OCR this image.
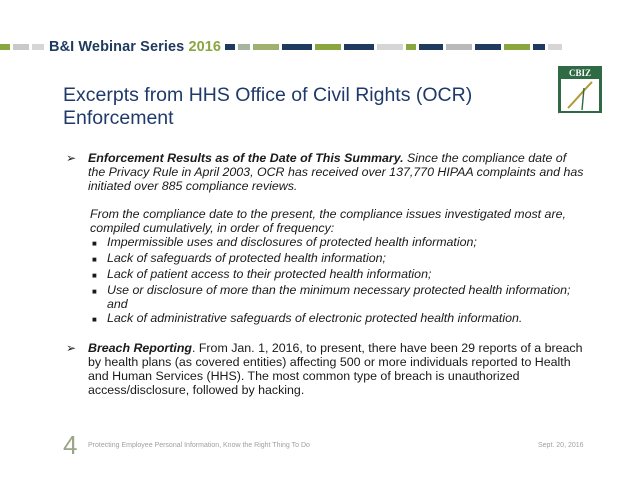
B&I Webinar Series 2016
Excerpts from HHS Office of Civil Rights (OCR)
Enforcement
CBIZ
➢ Enforcement Results as of the Date of This Summary. Since the compliance date of the Privacy Rule in April 2003, OCR has received over 137,770 HIPAA complaints and has initiated over 885 compliance reviews.
From the compliance date to the present, the compliance issues investigated most are, compiled cumulatively, in order of frequency:
■ Impermissible uses and disclosures of protected health information;
■ Lack of safeguards of protected health information;
■ Lack of patient access to their protected health information;
■ Use or disclosure of more than the minimum necessary protected health information; and
■ Lack of administrative safeguards of electronic protected health information.
➢ Breach Reporting. From Jan. 1, 2016, to present, there have been 29 reports of a breach by health plans (as covered entities) affecting 500 or more individuals reported to Health and Human Services (HHS). The most common type of breach is unauthorized access/disclosure, followed by hacking.
4 Protecting Employee Personal Information, Know the Right Thing To Do	Sept. 20, 2016
